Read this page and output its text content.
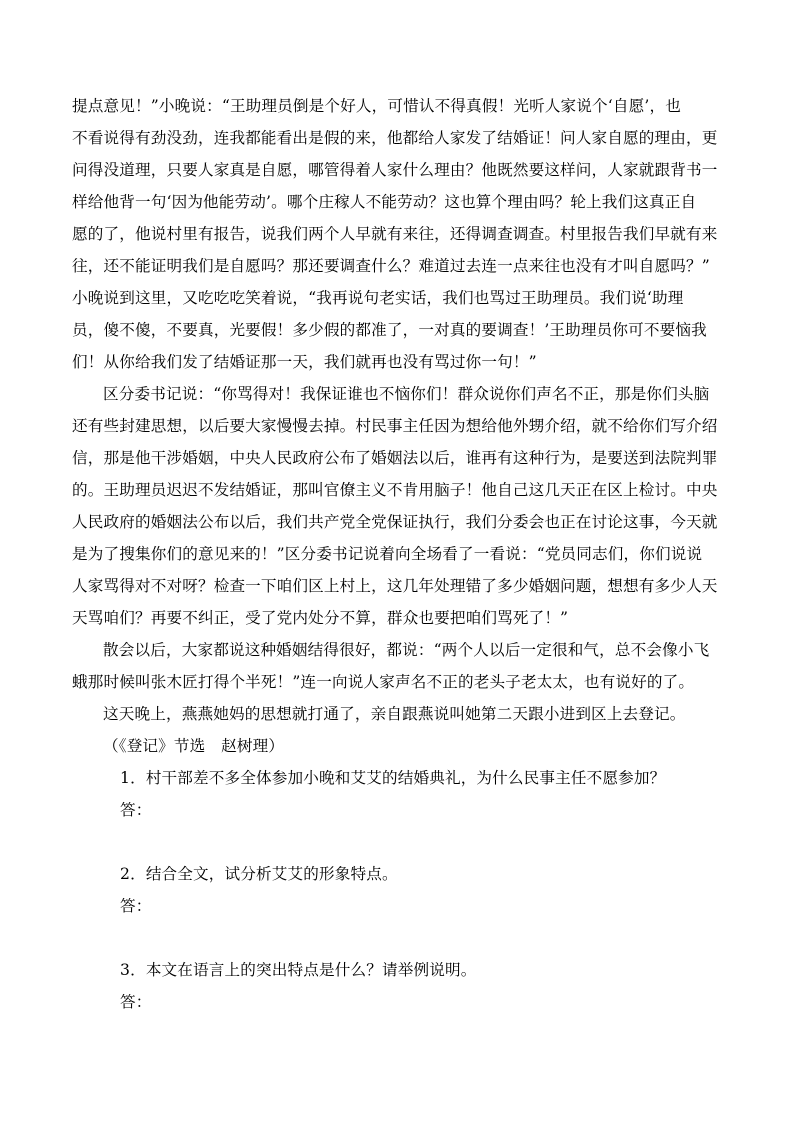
提点意见！”小晚说：“王助理员倒是个好人，可惜认不得真假！光听人家说个‘自愿’，也
不看说得有劲没劲，连我都能看出是假的来，他都给人家发了结婚证！问人家自愿的理由，更
问得没道理，只要人家真是自愿，哪管得着人家什么理由？他既然要这样问，人家就跟背书一
样给他背一句‘因为他能劳动’。哪个庄稼人不能劳动？这也算个理由吗？轮上我们这真正自
愿的了，他说村里有报告，说我们两个人早就有来往，还得调查调查。村里报告我们早就有来
往，还不能证明我们是自愿吗？那还要调查什么？难道过去连一点来往也没有才叫自愿吗？”
小晚说到这里，又吃吃吃笑着说，“我再说句老实话，我们也骂过王助理员。我们说‘助理
员，傻不傻，不要真，光要假！多少假的都准了，一对真的要调查！’王助理员你可不要恼我
们！从你给我们发了结婚证那一天，我们就再也没有骂过你一句！”
区分委书记说：“你骂得对！我保证谁也不恼你们！群众说你们声名不正，那是你们头脑
还有些封建思想，以后要大家慢慢去掉。村民事主任因为想给他外甥介绍，就不给你们写介绍
信，那是他干涉婚姻，中央人民政府公布了婚姻法以后，谁再有这种行为，是要送到法院判罪
的。王助理员迟迟不发结婚证，那叫官僚主义不肯用脑子！他自己这几天正在区上检讨。中央
人民政府的婚姻法公布以后，我们共产党全党保证执行，我们分委会也正在讨论这事，今天就
是为了搜集你们的意见来的！”区分委书记说着向全场看了一看说：“党员同志们，你们说说
人家骂得对不对呀？检查一下咱们区上村上，这几年处理错了多少婚姻问题，想想有多少人天
天骂咱们？再要不纠正，受了党内处分不算，群众也要把咱们骂死了！”
散会以后，大家都说这种婚姻结得很好，都说：“两个人以后一定很和气，总不会像小飞
蛾那时候叫张木匠打得个半死！”连一向说人家声名不正的老头子老太太，也有说好的了。
这天晚上，燕燕她妈的思想就打通了，亲自跟燕说叫她第二天跟小进到区上去登记。
（《登记》节选　赵树理）
1．村干部差不多全体参加小晚和艾艾的结婚典礼，为什么民事主任不愿参加？
答：
2．结合全文，试分析艾艾的形象特点。
答：
3．本文在语言上的突出特点是什么？请举例说明。
答：
